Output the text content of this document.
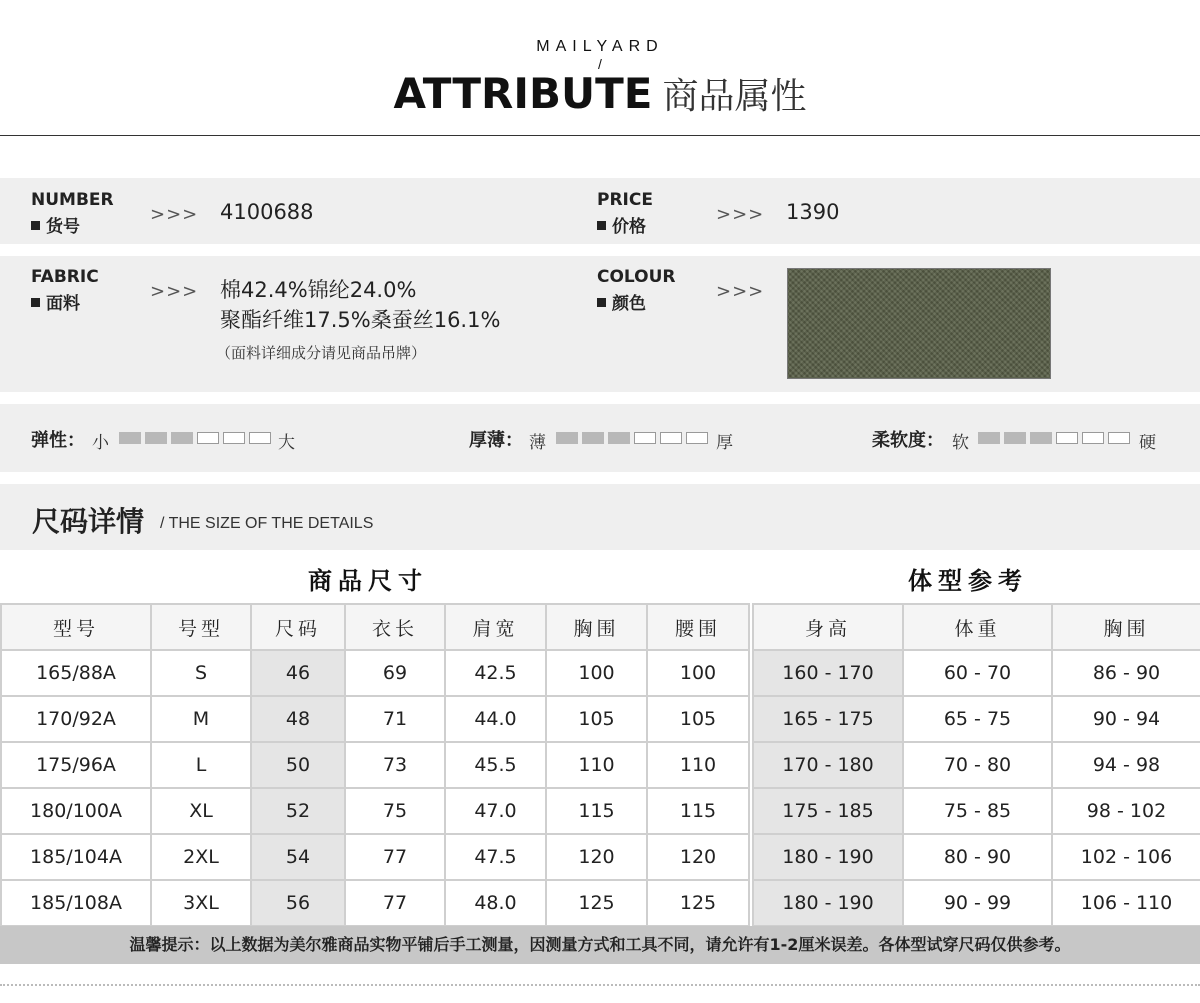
MAILYARD
/
ATTRIBUTE 商品属性
NUMBER
货号
>>> 4100688	PRICE
价格
>>> 1390
FABRIC
面料
>>> 棉42.4%锦纶24.0%
聚酯纤维17.5%桑蚕丝16.1%
（面料详细成分请见商品吊牌）
COLOUR
颜色
>>>
弹性： 小	大	厚薄： 薄	厚	柔软度： 软	硬
尺码详情 / THE SIZE OF THE DETAILS
商品尺寸	体型参考
型号	号型	尺码	衣长	肩宽	胸围	腰围
165/88A	S	46	69	42.5	100	100
170/92A	M	48	71	44.0	105	105
175/96A	L	50	73	45.5	110	110
180/100A	XL	52	75	47.0	115	115
185/104A	2XL	54	77	47.5	120	120
185/108A	3XL	56	77	48.0	125	125
身高	体重	胸围
160 - 170	60 - 70	86 - 90
165 - 175	65 - 75	90 - 94
170 - 180	70 - 80	94 - 98
175 - 185	75 - 85	98 - 102
180 - 190	80 - 90	102 - 106
180 - 190	90 - 99	106 - 110
温馨提示：以上数据为美尔雅商品实物平铺后手工测量，因测量方式和工具不同，请允许有1-2厘米误差。各体型试穿尺码仅供参考。
